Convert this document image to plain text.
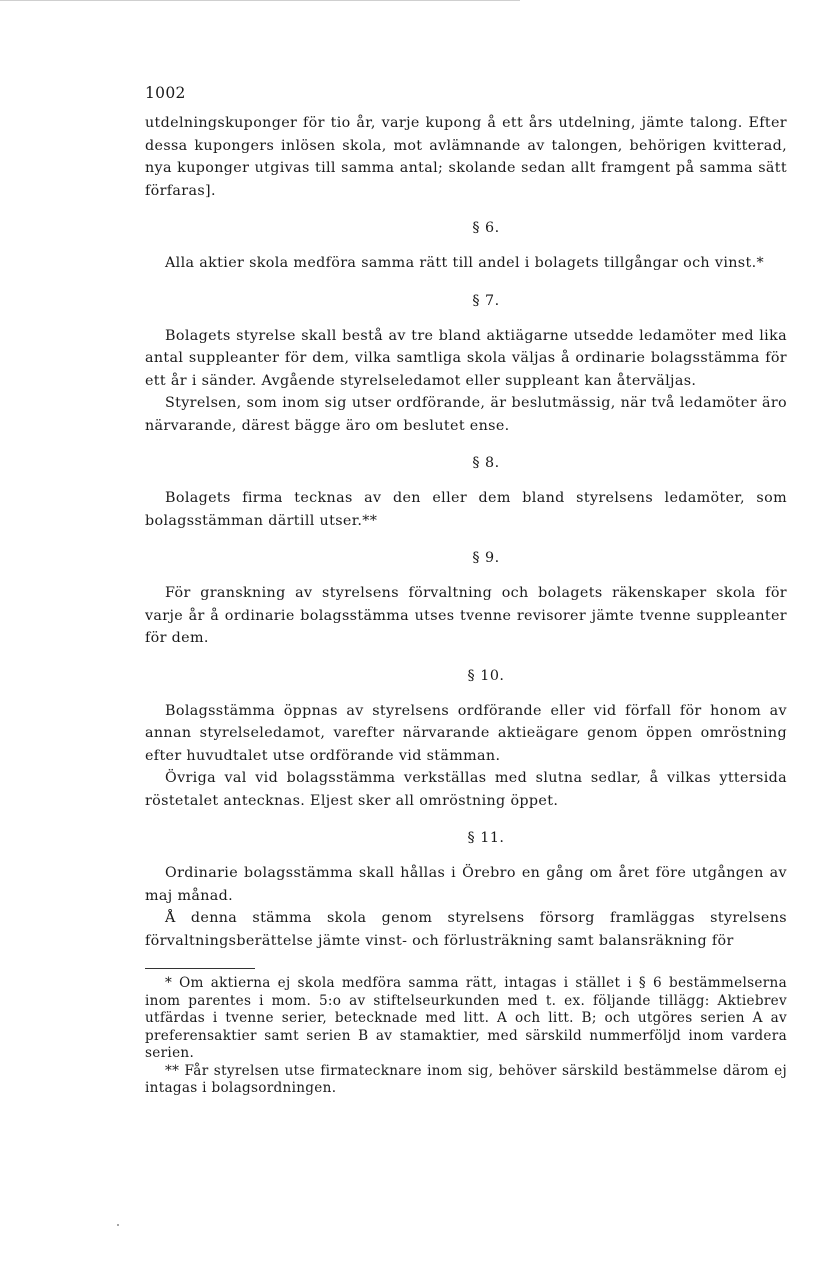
1002

utdelningskuponger för tio år, varje kupong å ett års utdelning, jämte talong. Efter dessa kupongers inlösen skola, mot avlämnande av talongen, behörigen kvitterad, nya kuponger utgivas till samma antal; skolande sedan allt framgent på samma sätt förfaras].

§ 6.

Alla aktier skola medföra samma rätt till andel i bolagets tillgångar och vinst.*

§ 7.

Bolagets styrelse skall bestå av tre bland aktiägarne utsedde ledamöter med lika antal suppleanter för dem, vilka samtliga skola väljas å ordinarie bolagsstämma för ett år i sänder. Avgående styrelseledamot eller suppleant kan återväljas.

Styrelsen, som inom sig utser ordförande, är beslutmässig, när två ledamöter äro närvarande, därest bägge äro om beslutet ense.

§ 8.

Bolagets firma tecknas av den eller dem bland styrelsens ledamöter, som bolagsstämman därtill utser.**

§ 9.

För granskning av styrelsens förvaltning och bolagets räkenskaper skola för varje år å ordinarie bolagsstämma utses tvenne revisorer jämte tvenne suppleanter för dem.

§ 10.

Bolagsstämma öppnas av styrelsens ordförande eller vid förfall för honom av annan styrelseledamot, varefter närvarande aktieägare genom öppen omröstning efter huvudtalet utse ordförande vid stämman.

Övriga val vid bolagsstämma verkställas med slutna sedlar, å vilkas yttersida röstetalet antecknas. Eljest sker all omröstning öppet.

§ 11.

Ordinarie bolagsstämma skall hållas i Örebro en gång om året före utgången av maj månad.

Å denna stämma skola genom styrelsens försorg framläggas styrelsens förvaltningsberättelse jämte vinst- och förlusträkning samt balansräkning för

* Om aktierna ej skola medföra samma rätt, intagas i stället i § 6 bestämmelserna inom parentes i mom. 5:o av stiftelseurkunden med t. ex. följande tillägg: Aktiebrev utfärdas i tvenne serier, betecknade med litt. A och litt. B; och utgöres serien A av preferensaktier samt serien B av stamaktier, med särskild nummerföljd inom vardera serien.

** Får styrelsen utse firmatecknare inom sig, behöver särskild bestämmelse därom ej intagas i bolagsordningen.
